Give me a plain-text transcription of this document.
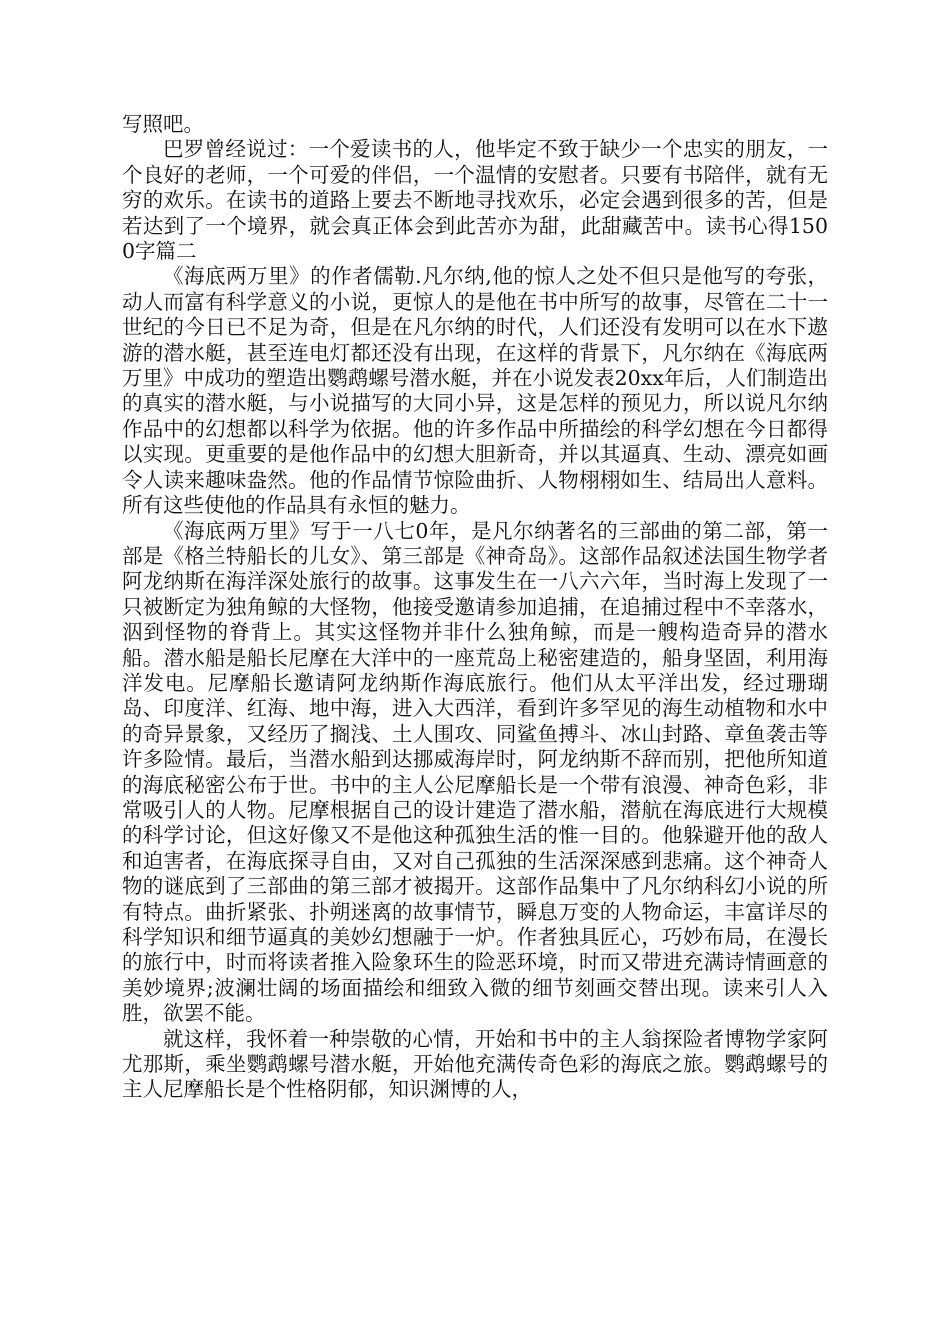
写照吧。

巴罗曾经说过：一个爱读书的人，他毕定不致于缺少一个忠实的朋友，一个良好的老师，一个可爱的伴侣，一个温情的安慰者。只要有书陪伴，就有无穷的欢乐。在读书的道路上要去不断地寻找欢乐，必定会遇到很多的苦，但是若达到了一个境界，就会真正体会到此苦亦为甜，此甜藏苦中。读书心得1500字篇二

《海底两万里》的作者儒勒.凡尔纳,他的惊人之处不但只是他写的夸张，动人而富有科学意义的小说，更惊人的是他在书中所写的故事，尽管在二十一世纪的今日已不足为奇，但是在凡尔纳的时代，人们还没有发明可以在水下遨游的潜水艇，甚至连电灯都还没有出现，在这样的背景下，凡尔纳在《海底两万里》中成功的塑造出鹦鹉螺号潜水艇，并在小说发表20xx年后，人们制造出的真实的潜水艇，与小说描写的大同小异，这是怎样的预见力，所以说凡尔纳作品中的幻想都以科学为依据。他的许多作品中所描绘的科学幻想在今日都得以实现。更重要的是他作品中的幻想大胆新奇，并以其逼真、生动、漂亮如画令人读来趣味盎然。他的作品情节惊险曲折、人物栩栩如生、结局出人意料。所有这些使他的作品具有永恒的魅力。

《海底两万里》写于一八七0年，是凡尔纳著名的三部曲的第二部，第一部是《格兰特船长的儿女》、第三部是《神奇岛》。这部作品叙述法国生物学者阿龙纳斯在海洋深处旅行的故事。这事发生在一八六六年，当时海上发现了一只被断定为独角鲸的大怪物，他接受邀请参加追捕，在追捕过程中不幸落水，泅到怪物的脊背上。其实这怪物并非什么独角鲸，而是一艘构造奇异的潜水船。潜水船是船长尼摩在大洋中的一座荒岛上秘密建造的，船身坚固，利用海洋发电。尼摩船长邀请阿龙纳斯作海底旅行。他们从太平洋出发，经过珊瑚岛、印度洋、红海、地中海，进入大西洋，看到许多罕见的海生动植物和水中的奇异景象，又经历了搁浅、土人围攻、同鲨鱼搏斗、冰山封路、章鱼袭击等许多险情。最后，当潜水船到达挪威海岸时，阿龙纳斯不辞而别，把他所知道的海底秘密公布于世。书中的主人公尼摩船长是一个带有浪漫、神奇色彩，非常吸引人的人物。尼摩根据自己的设计建造了潜水船，潜航在海底进行大规模的科学讨论，但这好像又不是他这种孤独生活的惟一目的。他躲避开他的敌人和迫害者，在海底探寻自由，又对自己孤独的生活深深感到悲痛。这个神奇人物的谜底到了三部曲的第三部才被揭开。这部作品集中了凡尔纳科幻小说的所有特点。曲折紧张、扑朔迷离的故事情节，瞬息万变的人物命运，丰富详尽的科学知识和细节逼真的美妙幻想融于一炉。作者独具匠心，巧妙布局，在漫长的旅行中，时而将读者推入险象环生的险恶环境，时而又带进充满诗情画意的美妙境界;波澜壮阔的场面描绘和细致入微的细节刻画交替出现。读来引人入胜，欲罢不能。

就这样，我怀着一种崇敬的心情，开始和书中的主人翁探险者博物学家阿尤那斯，乘坐鹦鹉螺号潜水艇，开始他充满传奇色彩的海底之旅。鹦鹉螺号的主人尼摩船长是个性格阴郁，知识渊博的人，
